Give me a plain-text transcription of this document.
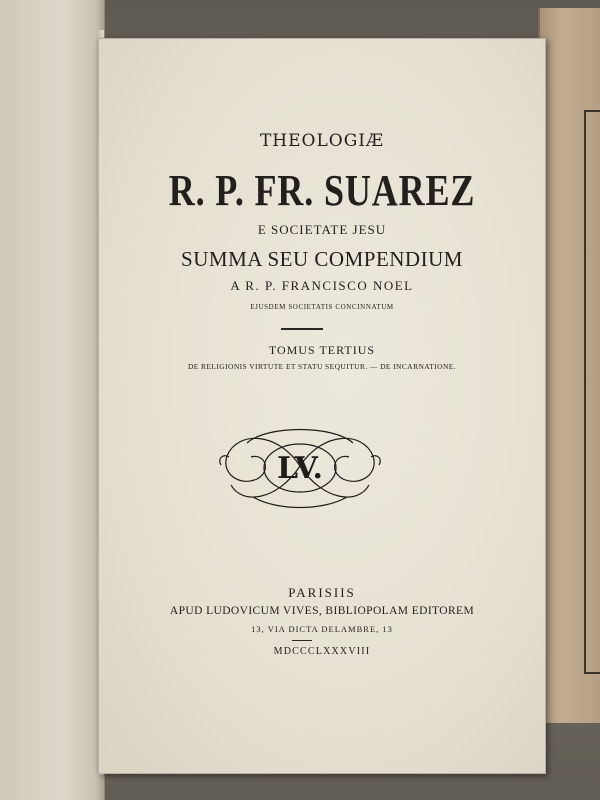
THEOLOGIÆ
R. P. FR. SUAREZ
E SOCIETATE JESU
SUMMA SEU COMPENDIUM
A R. P. FRANCISCO NOEL
EJUSDEM SOCIETATIS CONCINNATUM
TOMUS TERTIUS
DE RELIGIONIS VIRTUTE ET STATU SEQUITUR. — DE INCARNATIONE.
LV.
PARISIIS
APUD LUDOVICUM VIVES, BIBLIOPOLAM EDITOREM
13, VIA DICTA DELAMBRE, 13
MDCCCLXXXVIII
